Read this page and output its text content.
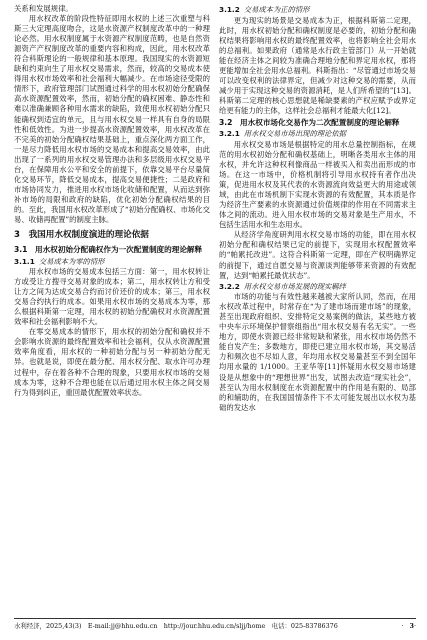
关系和发展规律。

用水权改革的阶段性特征即用水权的上述三次重塑与科斯三大定理高度吻合，这是水资源产权制度改革中的一种理论必然。用水权制度属于水资源产权制度范畴，也是自然资源资产产权制度改革的重要内容和构成，因此，用水权改革符合科斯理论的一般规律和基本原理。我国现实的水资源短缺和约束向生了用水权交易需求，然而，较高的交易成本使得用水权市场效率和社会福利大幅减少。在市场途径受限的情形下，政府管理部门试图通过科学的用水权初始分配确保高水资源配置效率，然而，初始分配的确权困难、静态性和难以准确兼顾各种用水需求的缺陷，致使用水权初始分配只能确权到适宜的单元，且与用水权交易一样具有自身的局限性和低效性。为进一步提高水资源配置效率，用水权改革在不完美的初始分配确权结果基础上，重点深化两方面工作，一是尽力降低用水权市场的交易成本和提高交易效率，由此出现了一系列的用水权交易管理办法和多层级用水权交易平台，在保障用水公平和安全的前提下，依靠交易平台尽量简化交易环节，降低交易成本，提高交易便捷性；二是政府和市场协同发力，推进用水权市场化收储和配置，从而达到弥补市场的局限和政府的缺陷，优化初始分配确权结果的目的。至此，我国用水权改革形成了“初始分配确权、市场化交易、收储再配置”的制度主脉。

3　我国用水权制度演进的理论依据
3.1　用水权初始分配确权作为一次配置制度的理论解释
3.1.1 交易成本为零的情形

用水权市场的交易成本包括三方面：第一，用水权转让方或受让方搜寻交易对象的成本；第二，用水权转让方和受让方之间为达成交易合约而讨价还价的成本；第三，用水权交易合约执行的成本。如果用水权市场的交易成本为零，那么根据科斯第一定理，用水权的初始分配确权对水资源配置效率和社会福利影响不大。

在零交易成本的情形下，用水权的初始分配和确权并不会影响水资源的最终配置效率和社会福利，仅从水资源配置效率角度看，用水权的一种初始分配与另一种初始分配无异。也就是说，即使在最分配、用水权分配、取水许可办理过程中，存在着各种不合理的现象，只要用水权市场的交易成本为零，这种不合理也能在以后通过用水权主体之间交易行为得到纠正，重回最优配置效率状态。

3.1.2 交易成本为正的情形

更为现实的场景是交易成本为正，根据科斯第二定理，此时，用水权初始分配和确权制度是必要的，初始分配和确权结果将影响用水权的最终配置效率，也将影响全社会用水的总福利。如果政府（通常是水行政主管部门）从一开始就能在经济主体之间较为准确合理地分配和界定用水权，那将更能增加全社会用水总福利。科斯指出：“尽管通过市场交易可以改变权利的法律界定，但减少对这种交易的需要，从而减少用于实现这种交易的资源消耗，是人们所希望的”[13]。科斯第二定理的核心思想就是稀缺要素的产权应赋予或界定给更有能力的主体，这样社会总福利才能最大化[12]。

3.2　用水权市场化交易作为二次配置制度的理论解释
3.2.1 用水权交易市场出现的理论依据

用水权交易市场是根据特定的用水总量控制指标，在规范的用水权初始分配和确权基础上，明晰各类用水主体的用水权，并允许这种权利像商品一样被买入和卖出而形成的市场。在这一市场中，价格机制将引导用水权持有者作出决策，促进用水权及其代表的水资源流向效益更大的用途或领域，由此在市场机制下实现水资源的有效配置，其本质是作为经济生产要素的水资源通过价值规律的作用在不同需求主体之间的流动。进入用水权市场的交易对象是生产用水，不包括生活用水和生态用水。

从经济学角度研判用水权交易市场的功能，即在用水权初始分配和确权结果已定的前提下，实现用水权配置效率的“帕累托改进”。这符合科斯第一定理，即在产权明确界定的前提下，通过自愿交易与资源谈判能够带来资源的有效配置，达到“帕累托最优状态”。

3.2.2 用水权交易市场发展的现实羁绊

市场的功能与有效性越来越被大家所认同，然而，在用水权改革过程中，时常存在“为了建市场而建市场”的现象，甚至出现政府组织、安排特定交易案例的做法，某些地方被中央车示环境保护督察组指出“用水权交易有名无实”。一些地方，即使水资源已经非常短缺和紧张，用水权市场仍然不能自发产生；多数地方，即使已建立用水权市场，其交易活力和频次也不尽如人意，年均用水权交易量甚至不到全国年均用水量的 1/1000。王亚华等[11]怀疑用水权交易市场建设是从想象中的“理想世界”出发，试图去改造“现实社会”，甚至认为用水权制度在水资源配置中的作用是有限的、局部的和辅助的，在我国国情条件下不太可能发展出以水权为基础的发达水

水利经济，2025,43(3)　E-mail:jj@hhu.edu.cn　http://jour.hhu.edu.cn/sljj/home　电话：025-83786376	· 3·
